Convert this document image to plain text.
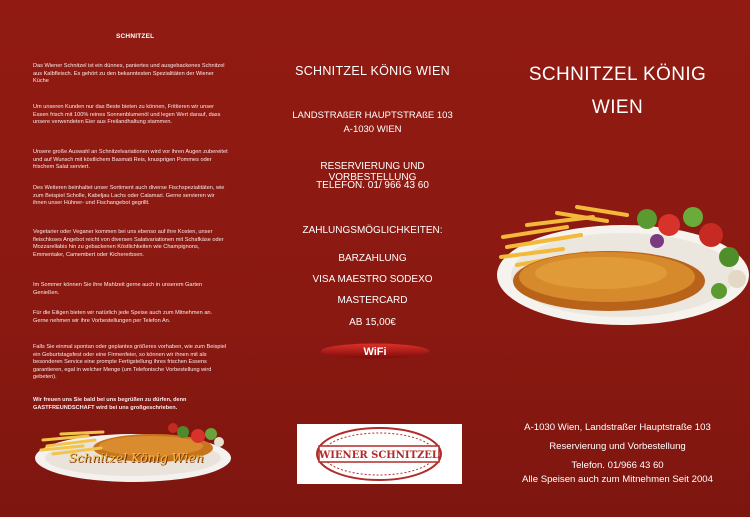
SCHNITZEL
Das Wiener Schnitzel ist ein dünnes, paniertes und ausgebackenes Schnitzel aus Kalbfleisch. Es gehört zu den bekanntesten Spezialitäten der Wiener Küche
Um unseren Kunden nur das Beste bieten zu können, Frittieren wir unser Essen frisch mit 100% reines Sonnenblumenöl und legen Wert darauf, dass unsere verwendeten Eier aus Freilandhaltung stammen.
Unsere große Auswahl an Schnitzelvariationen wird vor ihren Augen zubereitet und auf Wunsch mit köstlichem Basmati Reis, knusprigen Pommes oder frischem Salat serviert.
Des Weiteren beinhaltet unser Sortiment auch diverse Fischspezialitäten, wie zum Beispiel Scholle, Kabeljau Lachs oder Calamari. Gerne servieren wir ihnen unser Hühner- und Fischangebot gegrillt.
Vegetarier oder Veganer kommen bei uns ebenso auf ihre Kosten, unser fleischloses Angebot reicht von diversen Salatvariationen mit Schafkäse oder Mozzarellabis hin zu gebackenen Köstlichkeiten wie Champignons, Emmentaler, Camembert oder Kichererbsen.
Im Sommer können Sie ihre Mahlzeit gerne auch in unserem Garten Genießen.
Für die Eiligen bieten wir natürlich jede Speise auch zum Mitnehmen an. Gerne nehmen wir ihre Vorbestellungen per Telefon An.
Falls Sie einmal spontan oder geplantes größeres vorhaben, wie zum Beispiel ein Geburtstagsfest oder eine Firmenfeier, so können wir ihnen mit als besonderen Service eine prompte Fertigstellung ihres frischen Essens garantieren, egal in welcher Menge (um Telefonische Vorbestellung wird gebeten).
Wir freuen uns Sie bald bei uns begrüßen zu dürfen, denn GASTFREUNDSCHAFT wird bei uns großgeschrieben.
Schnitzel König Wien
SCHNITZEL KÖNIG WIEN
LANDSTRAßER HAUPTSTRAßE 103
A-1030 WIEN
RESERVIERUNG UND VORBESTELLUNG
TELEFON. 01/ 966 43 60
ZAHLUNGSMÖGLICHKEITEN:
BARZAHLUNG
VISA MAESTRO SODEXO
MASTERCARD
AB 15,00€
WiFi
WIENER SCHNITZEL
SCHNITZEL KÖNIG
WIEN
A-1030 Wien, Landstraßer Hauptstraße 103
Reservierung und Vorbestellung
Telefon. 01/966 43 60
Alle Speisen auch zum Mitnehmen Seit 2004
